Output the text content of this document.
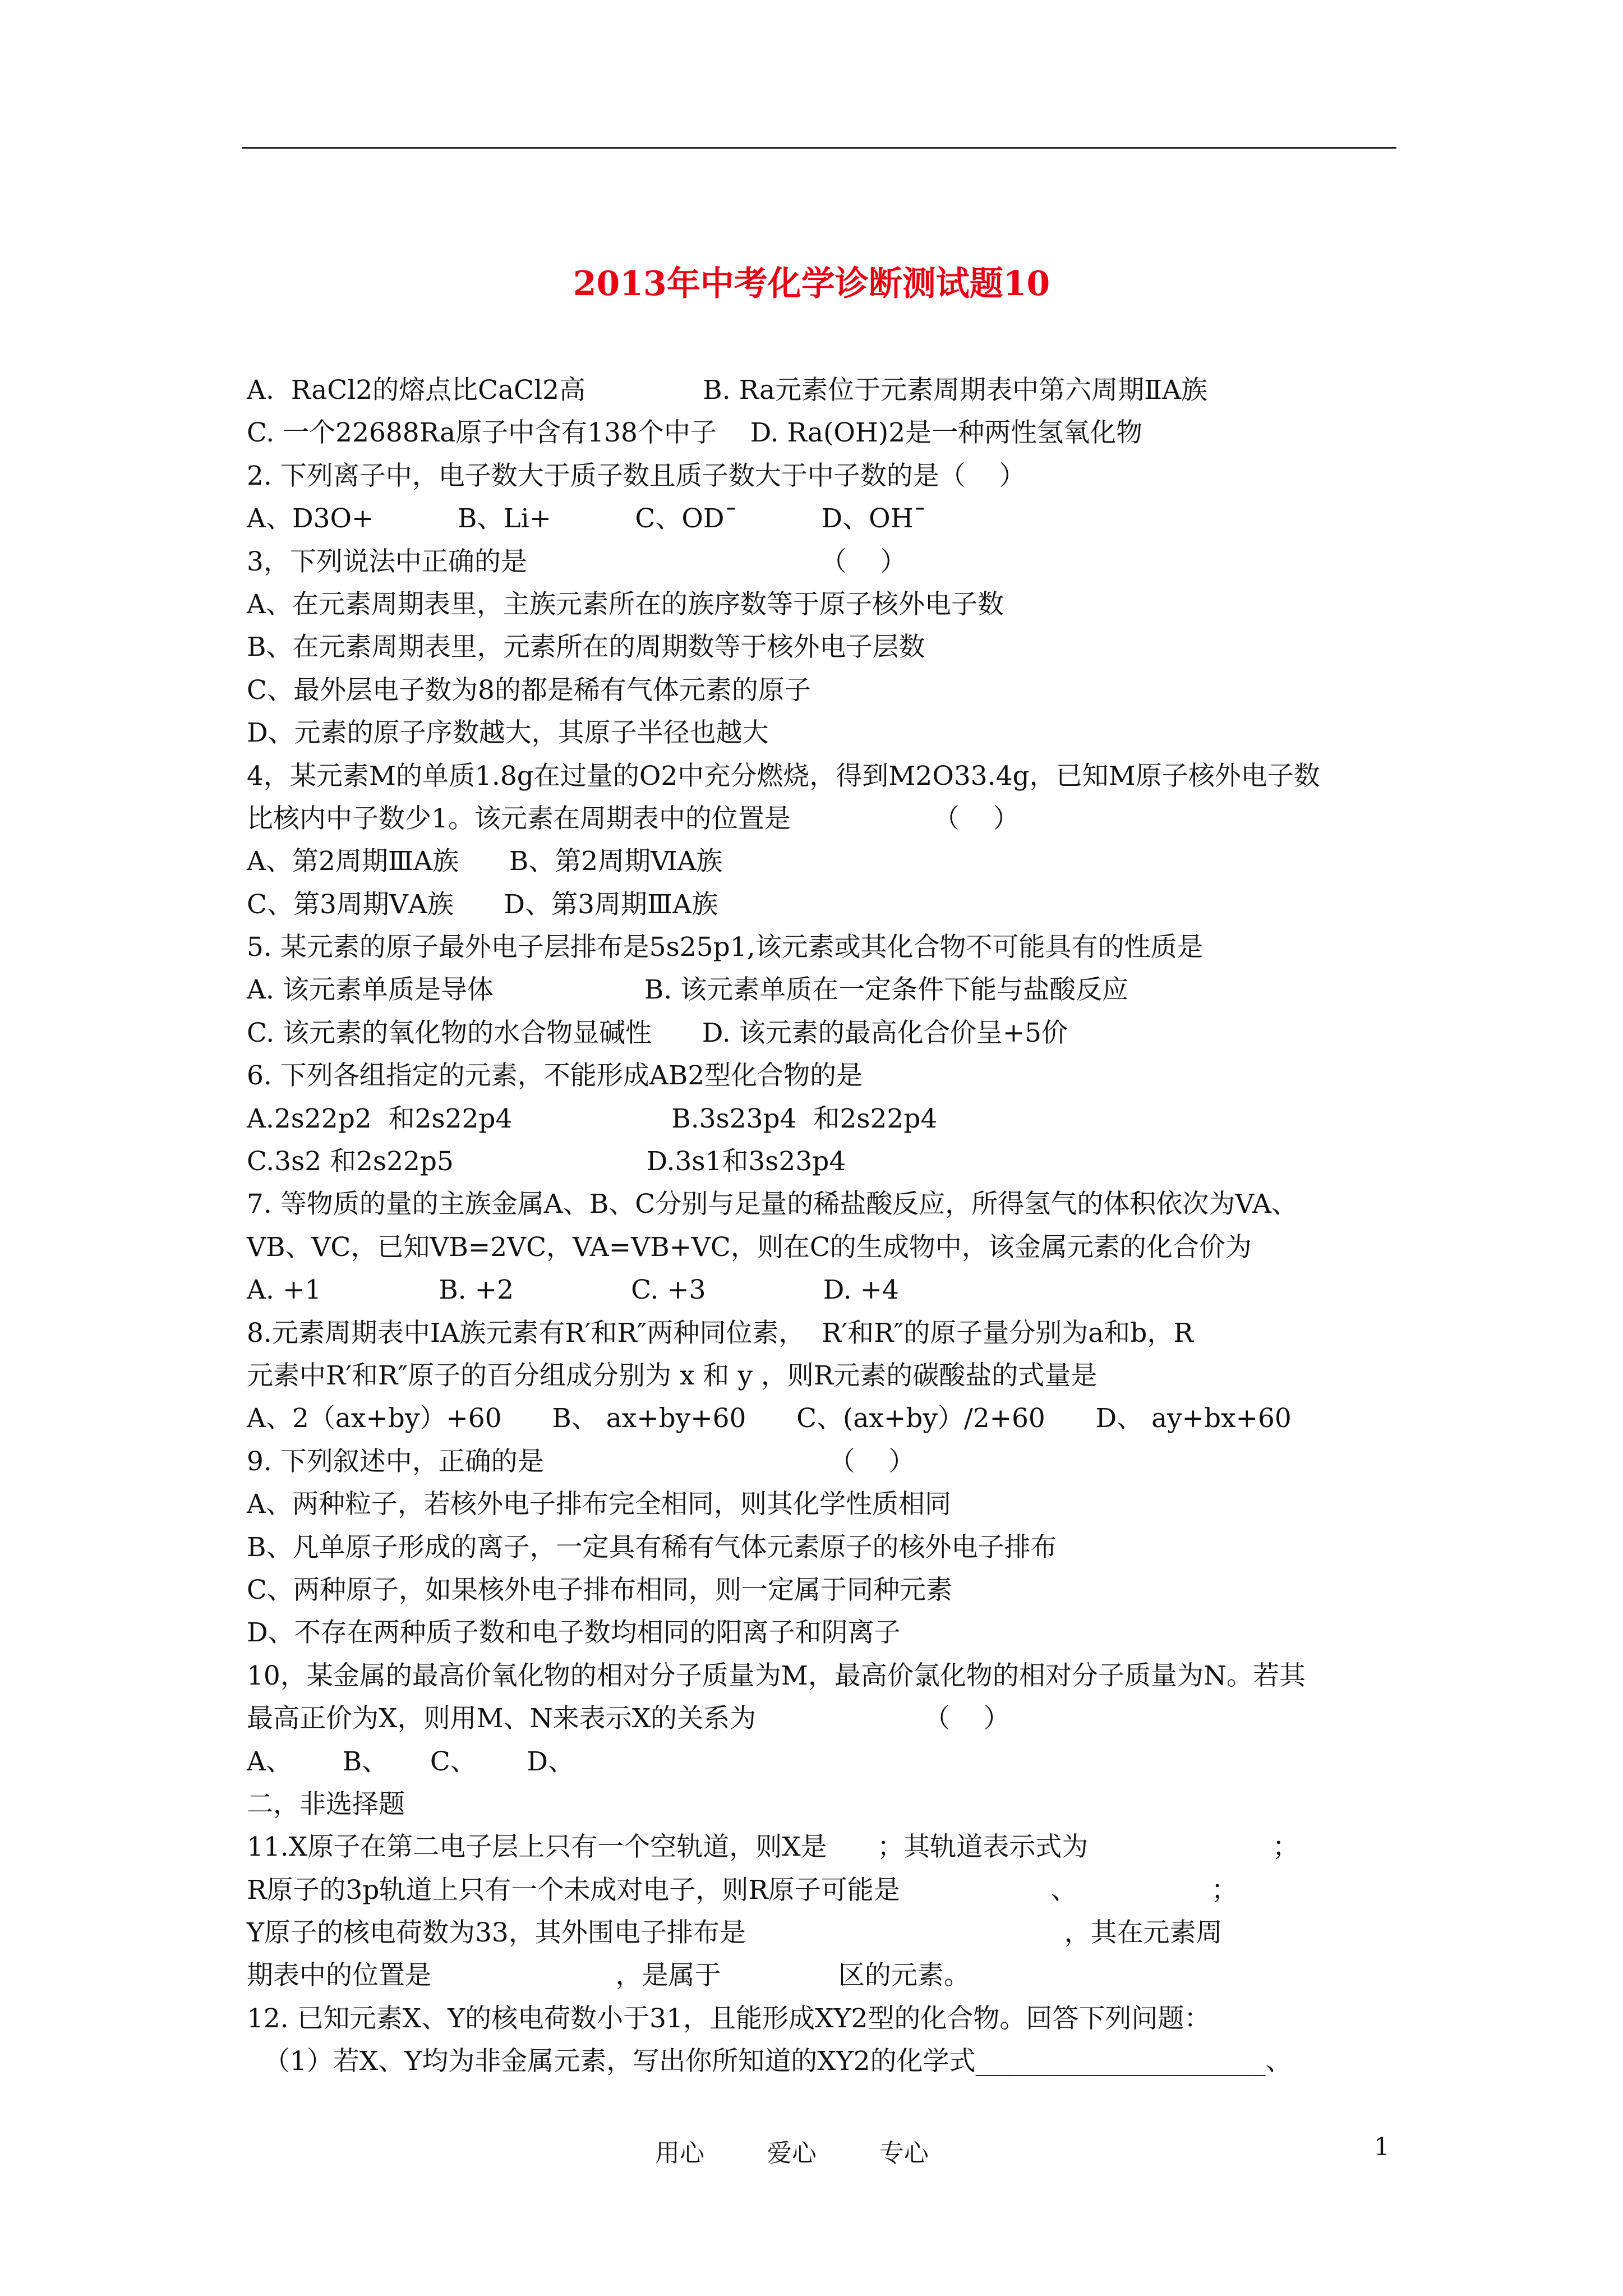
2013年中考化学诊断测试题10
A.  RaCl2的熔点比CaCl2高              B. Ra元素位于元素周期表中第六周期ⅡA族
C. 一个22688Ra原子中含有138个中子    D. Ra(OH)2是一种两性氢氧化物
2. 下列离子中，电子数大于质子数且质子数大于中子数的是（    ）
A、D3O+          B、Li+          C、OD¯          D、OH¯
3，下列说法中正确的是                                   （    ）
A、在元素周期表里，主族元素所在的族序数等于原子核外电子数
B、在元素周期表里，元素所在的周期数等于核外电子层数
C、最外层电子数为8的都是稀有气体元素的原子
D、元素的原子序数越大，其原子半径也越大
4，某元素M的单质1.8g在过量的O2中充分燃烧，得到M2O33.4g，已知M原子核外电子数
比核内中子数少1。该元素在周期表中的位置是                 （    ）
A、第2周期ⅢA族      B、第2周期ⅥA族
C、第3周期ⅤA族      D、第3周期ⅢA族
5. 某元素的原子最外电子层排布是5s25p1,该元素或其化合物不可能具有的性质是
A. 该元素单质是导体                  B. 该元素单质在一定条件下能与盐酸反应
C. 该元素的氧化物的水合物显碱性      D. 该元素的最高化合价呈+5价
6. 下列各组指定的元素，不能形成AB2型化合物的是
A.2s22p2  和2s22p4                   B.3s23p4  和2s22p4
C.3s2 和2s22p5                       D.3s1和3s23p4
7. 等物质的量的主族金属A、B、C分别与足量的稀盐酸反应，所得氢气的体积依次为VA、
VB、VC，已知VB=2VC，VA=VB+VC，则在C的生成物中，该金属元素的化合价为
A. +1              B. +2              C. +3              D. +4
8.元素周期表中ⅠA族元素有R′和R″两种同位素，  R′和R″的原子量分别为a和b，R
元素中R′和R″原子的百分组成分别为 x 和 y ，则R元素的碳酸盐的式量是
A、2（ax+by）+60      B、 ax+by+60      C、(ax+by）/2+60      D、 ay+bx+60
9. 下列叙述中，正确的是                                  （    ）
A、两种粒子，若核外电子排布完全相同，则其化学性质相同
B、凡单原子形成的离子，一定具有稀有气体元素原子的核外电子排布
C、两种原子，如果核外电子排布相同，则一定属于同种元素
D、不存在两种质子数和电子数均相同的阳离子和阴离子
10，某金属的最高价氧化物的相对分子质量为M，最高价氯化物的相对分子质量为N。若其
最高正价为X，则用M、N来表示X的关系为                    （    ）
A、      B、     C、      D、
二，非选择题
11.X原子在第二电子层上只有一个空轨道，则X是      ；其轨道表示式为                      ；
R原子的3p轨道上只有一个未成对电子，则R原子可能是                  、                ；
Y原子的核电荷数为33，其外围电子排布是                                      ，其在元素周
期表中的位置是                      ，是属于              区的元素。
12. 已知元素X、Y的核电荷数小于31，且能形成XY2型的化合物。回答下列问题：
（1）若X、Y均为非金属元素，写出你所知道的XY2的化学式______________________、
用心        爱心        专心	1
